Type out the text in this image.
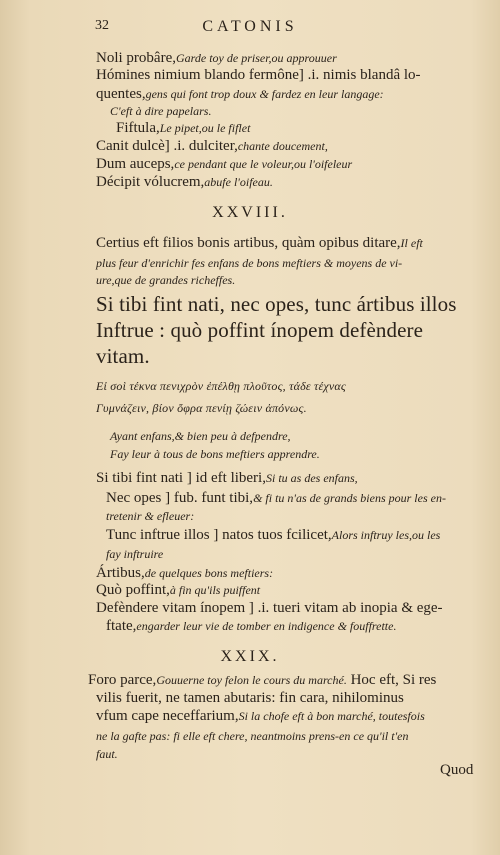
32	CATONIS
Noli probâre,Garde toy de priser,ou approuuer
Hómines nimium blando fermône] .i. nimis blandâ lo-
quentes,gens qui font trop doux & fardez en leur langage:
C'eft à dire papelars.
Fiftula,Le pipet,ou le fiflet
Canit dulcè] .i. dulciter,chante doucement,
Dum auceps,ce pendant que le voleur,ou l'oifeleur
Décipit vólucrem,abufe l'oifeau.
XXVIII.
Certius eft filios bonis artibus, quàm opibus ditare,Il eft
plus feur d'enrichir fes enfans de bons meftiers & moyens de vi-
ure,que de grandes richeffes.
Si tibi fint nati, nec opes, tunc ártibus illos
Inftrue : quò poffint ínopem defèndere
vitam.
Εἰ σοὶ τέκνα πενιχρὸν ἐπέλθῃ πλοῦτος, τάδε τέχνας
Γυμνάζειν, βίον ὄφρα πενίῃ ζώειν ἀπόνως.
Ayant enfans,& bien peu à defpendre,
Fay leur à tous de bons meftiers apprendre.
Si tibi fint nati ] id eft liberi,Si tu as des enfans,
Nec opes ] fub. funt tibi,& fi tu n'as de grands biens pour les en-
tretenir & efleuer:
Tunc inftrue illos ] natos tuos fcilicet,Alors inftruy les,ou les
fay inftruire
Ártibus,de quelques bons meftiers:
Quò poffint,à fin qu'ils puiffent
Defèndere vitam ínopem ] .i. tueri vitam ab inopia & ege-
ftate,engarder leur vie de tomber en indigence & fouffrette.
XXIX.
Foro parce,Gouuerne toy felon le cours du marché. Hoc eft, Si res
vilis fuerit, ne tamen abutaris: fin cara, nihilominus
vfum cape neceffarium,Si la chofe eft à bon marché, toutesfois
ne la gafte pas: fi elle eft chere, neantmoins prens-en ce qu'il t'en
faut.
Quod
